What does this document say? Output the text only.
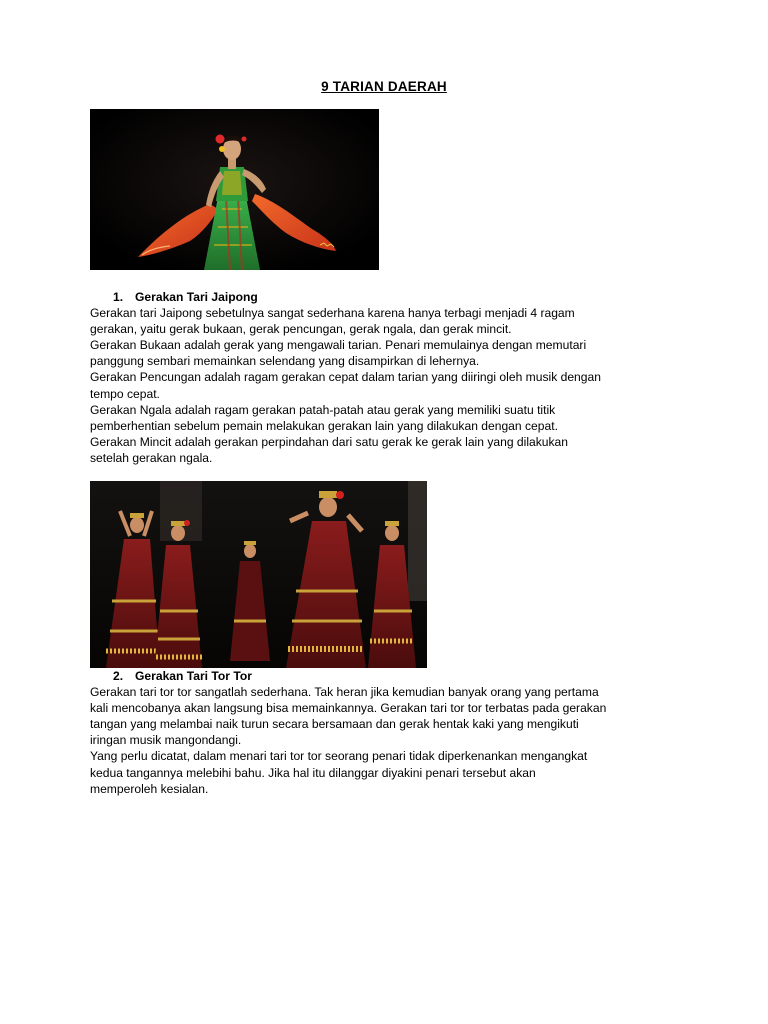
9 TARIAN DAERAH
1. Gerakan Tari Jaipong

Gerakan tari Jaipong sebetulnya sangat sederhana karena hanya terbagi menjadi 4 ragam
gerakan, yaitu gerak bukaan, gerak pencungan, gerak ngala, dan gerak mincit.
Gerakan Bukaan adalah gerak yang mengawali tarian. Penari memulainya dengan memutari
panggung sembari memainkan selendang yang disampirkan di lehernya.
Gerakan Pencungan adalah ragam gerakan cepat dalam tarian yang diiringi oleh musik dengan
tempo cepat.
Gerakan Ngala adalah ragam gerakan patah-patah atau gerak yang memiliki suatu titik
pemberhentian sebelum pemain melakukan gerakan lain yang dilakukan dengan cepat.
Gerakan Mincit adalah gerakan perpindahan dari satu gerak ke gerak lain yang dilakukan
setelah gerakan ngala.

2. Gerakan Tari Tor Tor

Gerakan tari tor tor sangatlah sederhana. Tak heran jika kemudian banyak orang yang pertama
kali mencobanya akan langsung bisa memainkannya. Gerakan tari tor tor terbatas pada gerakan
tangan yang melambai naik turun secara bersamaan dan gerak hentak kaki yang mengikuti
iringan musik mangondangi.
Yang perlu dicatat, dalam menari tari tor tor seorang penari tidak diperkenankan mengangkat
kedua tangannya melebihi bahu. Jika hal itu dilanggar diyakini penari tersebut akan
memperoleh kesialan.
